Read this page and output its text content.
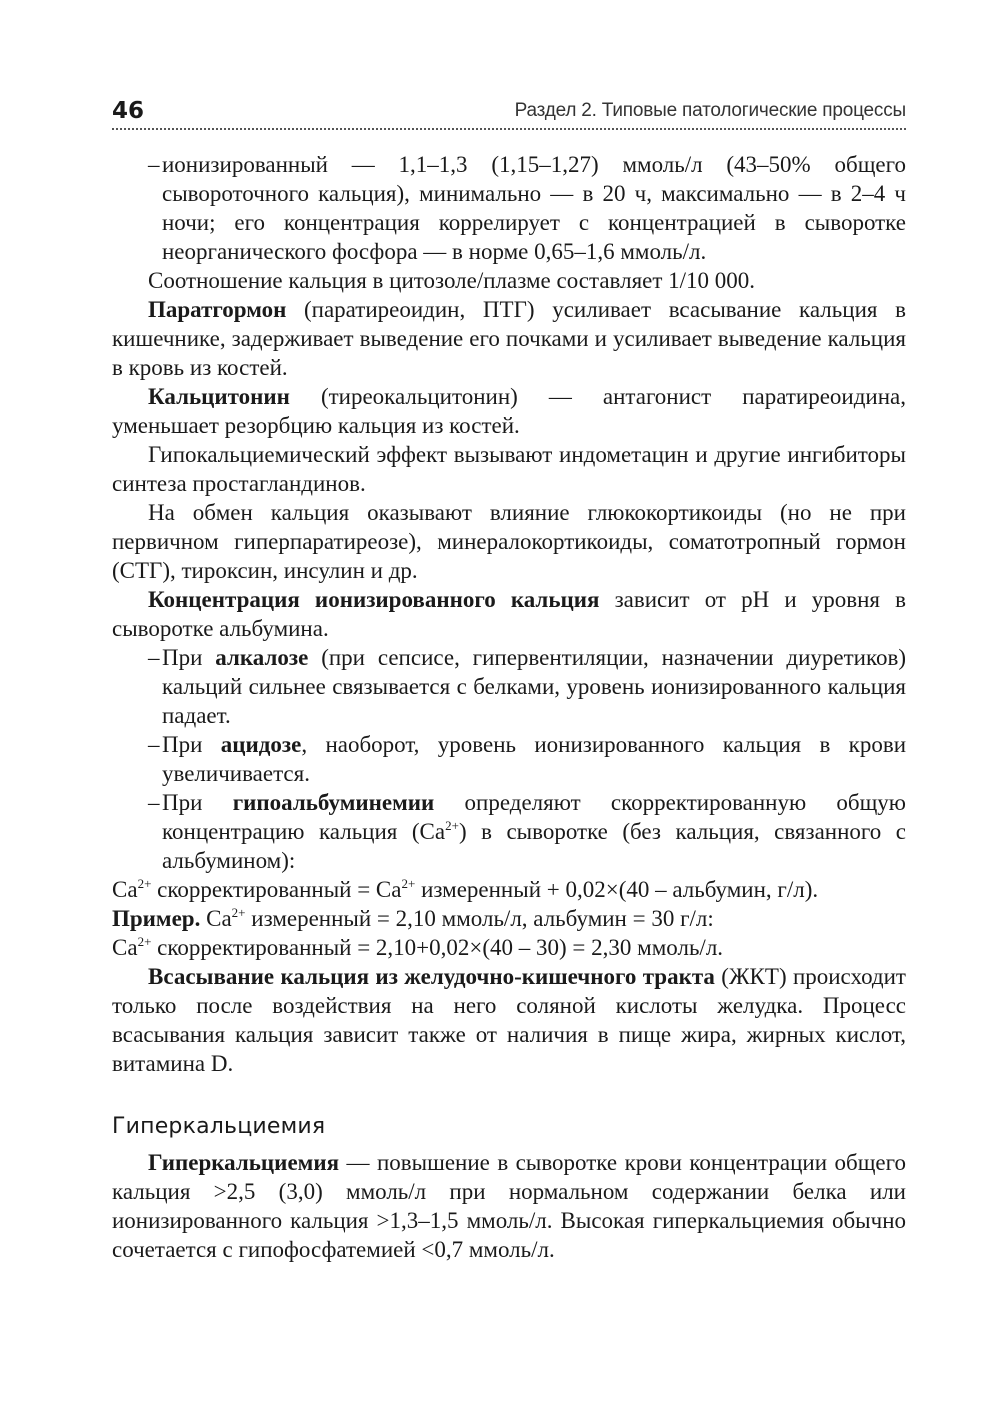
46	Раздел 2. Типовые патологические процессы

– ионизированный — 1,1–1,3 (1,15–1,27) ммоль/л (43–50% общего сывороточного кальция), минимально — в 20 ч, максимально — в 2–4 ч ночи; его концентрация коррелирует с концентрацией в сыворотке неорганического фосфора — в норме 0,65–1,6 ммоль/л.

Соотношение кальция в цитозоле/плазме составляет 1/10 000.

Паратгормон (паратиреоидин, ПТГ) усиливает всасывание кальция в кишечнике, задерживает выведение его почками и усиливает выведение кальция в кровь из костей.

Кальцитонин (тиреокальцитонин) — антагонист паратиреоидина, уменьшает резорбцию кальция из костей.

Гипокальциемический эффект вызывают индометацин и другие ингибиторы синтеза простагландинов.

На обмен кальция оказывают влияние глюкокортикоиды (но не при первичном гиперпаратиреозе), минералокортикоиды, соматотропный гормон (СТГ), тироксин, инсулин и др.

Концентрация ионизированного кальция зависит от pH и уровня в сыворотке альбумина.

– При алкалозе (при сепсисе, гипервентиляции, назначении диуретиков) кальций сильнее связывается с белками, уровень ионизированного кальция падает.

– При ацидозе, наоборот, уровень ионизированного кальция в крови увеличивается.

– При гипоальбуминемии определяют скорректированную общую концентрацию кальция $(Са^{2+})$ в сыворотке (без кальция, связанного с альбумином):

$Са^{2+}$ скорректированный = $Са^{2+}$ измеренный + 0,02×(40 – альбумин, г/л).

Пример. $Са^{2+}$ измеренный = 2,10 ммоль/л, альбумин = 30 г/л:

$Са^{2+}$ скорректированный = 2,10+0,02×(40 – 30) = 2,30 ммоль/л.

Всасывание кальция из желудочно-кишечного тракта (ЖКТ) происходит только после воздействия на него соляной кислоты желудка. Процесс всасывания кальция зависит также от наличия в пище жира, жирных кислот, витамина D.

Гиперкальциемия

Гиперкальциемия — повышение в сыворотке крови концентрации общего кальция >2,5 (3,0) ммоль/л при нормальном содержании белка или ионизированного кальция >1,3–1,5 ммоль/л. Высокая гиперкальциемия обычно сочетается с гипофосфатемией <0,7 ммоль/л.
